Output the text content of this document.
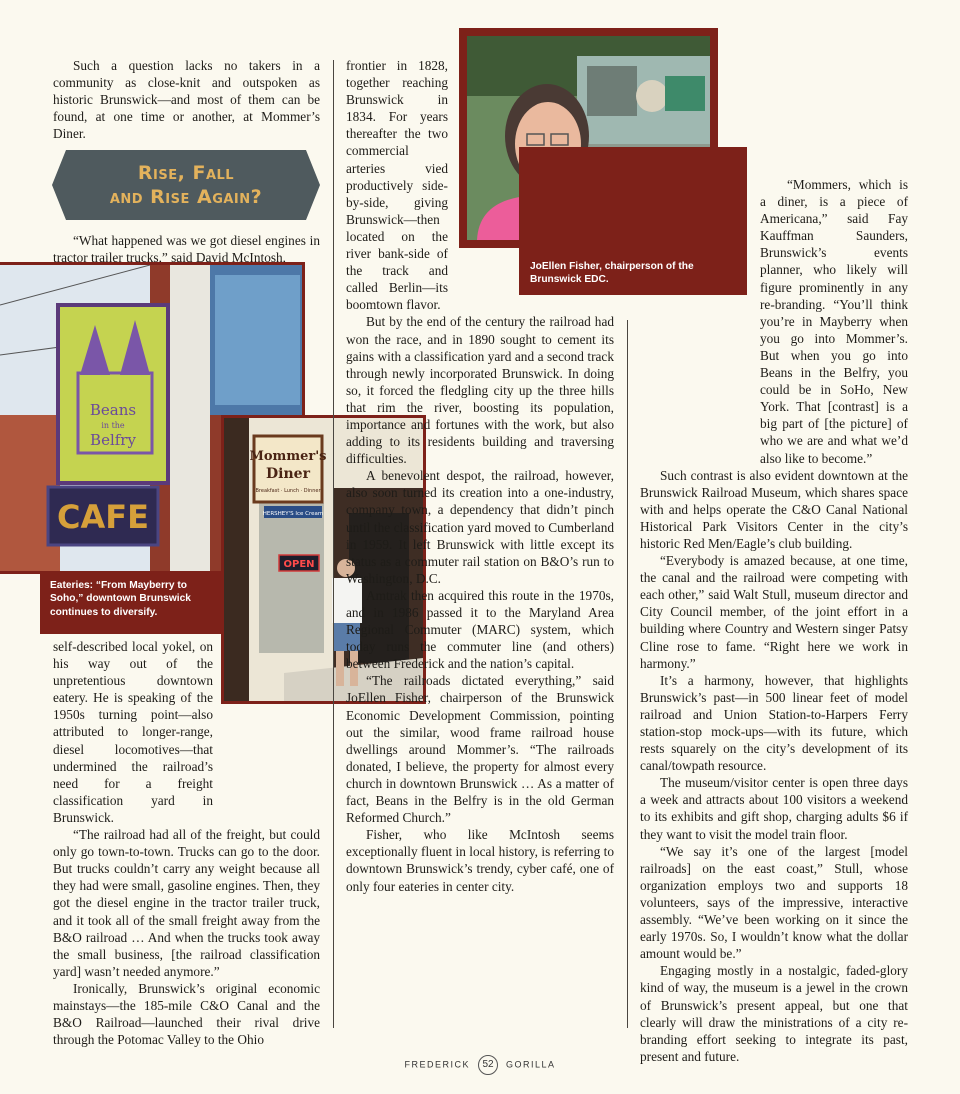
Such a question lacks no takers in a community as close-knit and outspoken as historic Brunswick—and most of them can be found, at one time or another, at Mommer’s Diner.

Rise, Fall
and Rise Again?

“What happened was we got diesel engines in tractor trailer trucks,” said David McIntosh,

Beans
in the
Belfry
CAFE
Eateries: “From Mayberry to Soho,” downtown Brunswick continues to diversify.
Mommer's
Diner
Breakfast · Lunch · Dinner
HERSHEY'S Ice Cream
OPEN

self-described local yokel, on his way out of the unpretentious downtown eatery. He is speaking of the 1950s turning point—also attributed to longer-range, diesel locomotives—that undermined the railroad’s need for a freight classification yard in Brunswick.

“The railroad had all of the freight, but could only go town-to-town. Trucks can go to the door. But trucks couldn’t carry any weight because all they had were small, gasoline engines. Then, they got the diesel engine in the tractor trailer truck, and it took all of the small freight away from the B&O railroad … And when the trucks took away the small business, [the railroad classification yard] wasn’t needed anymore.”

Ironically, Brunswick’s original economic mainstays—the 185-mile C&O Canal and the B&O Railroad—launched their rival drive through the Potomac Valley to the Ohio

frontier in 1828, together reaching Brunswick in 1834. For years thereafter the two commercial arteries vied productively side-by-side, giving Brunswick—then located on the river bank-side of the track and called Berlin—its boomtown flavor.

But by the end of the century the railroad had won the race, and in 1890 sought to cement its gains with a classification yard and a second track through newly incorporated Brunswick. In doing so, it forced the fledgling city up the three hills that rim the river, boosting its population, importance and fortunes with the work, but also adding to its residents building and traversing difficulties.

A benevolent despot, the railroad, however, also soon turned its creation into a one-industry, company town, a dependency that didn’t pinch until the classification yard moved to Cumberland in 1959. It left Brunswick with little except its status as a commuter rail station on B&O’s run to Washington, D.C.

Amtrak then acquired this route in the 1970s, and in 1986 passed it to the Maryland Area Regional Commuter (MARC) system, which today runs the commuter line (and others) between Frederick and the nation’s capital.

“The railroads dictated everything,” said JoEllen Fisher, chairperson of the Brunswick Economic Development Commission, pointing out the similar, wood frame railroad house dwellings around Mommer’s. “The railroads donated, I believe, the property for almost every church in downtown Brunswick … As a matter of fact, Beans in the Belfry is in the old German Reformed Church.”

Fisher, who like McIntosh seems exceptionally fluent in local history, is referring to downtown Brunswick’s trendy, cyber café, one of only four eateries in center city.

JoEllen Fisher, chairperson of the Brunswick EDC.

“Mommers, which is a diner, is a piece of Americana,” said Fay Kauffman Saunders, Brunswick’s events planner, who likely will figure prominently in any re-branding. “You’ll think you’re in Mayberry when you go into Mommer’s. But when you go into Beans in the Belfry, you could be in SoHo, New York. That [contrast] is a big part of [the picture] of who we are and what we’d also like to become.”

Such contrast is also evident downtown at the Brunswick Railroad Museum, which shares space with and helps operate the C&O Canal National Historical Park Visitors Center in the city’s historic Red Men/Eagle’s club building.

“Everybody is amazed because, at one time, the canal and the railroad were competing with each other,” said Walt Stull, museum director and City Council member, of the joint effort in a building where Country and Western singer Patsy Cline rose to fame. “Right here we work in harmony.”

It’s a harmony, however, that highlights Brunswick’s past—in 500 linear feet of model railroad and Union Station-to-Harpers Ferry station-stop mock-ups—with its future, which rests squarely on the city’s development of its canal/towpath resource.

The museum/visitor center is open three days a week and attracts about 100 visitors a weekend to its exhibits and gift shop, charging adults $6 if they want to visit the model train floor.

“We say it’s one of the largest [model railroads] on the east coast,” Stull, whose organization employs two and supports 18 volunteers, says of the impressive, interactive assembly. “We’ve been working on it since the early 1970s. So, I wouldn’t know what the dollar amount would be.”

Engaging mostly in a nostalgic, faded-glory kind of way, the museum is a jewel in the crown of Brunswick’s present appeal, but one that clearly will draw the ministrations of a city re-branding effort seeking to integrate its past, present and future.

FREDERICK 52 GORILLA
